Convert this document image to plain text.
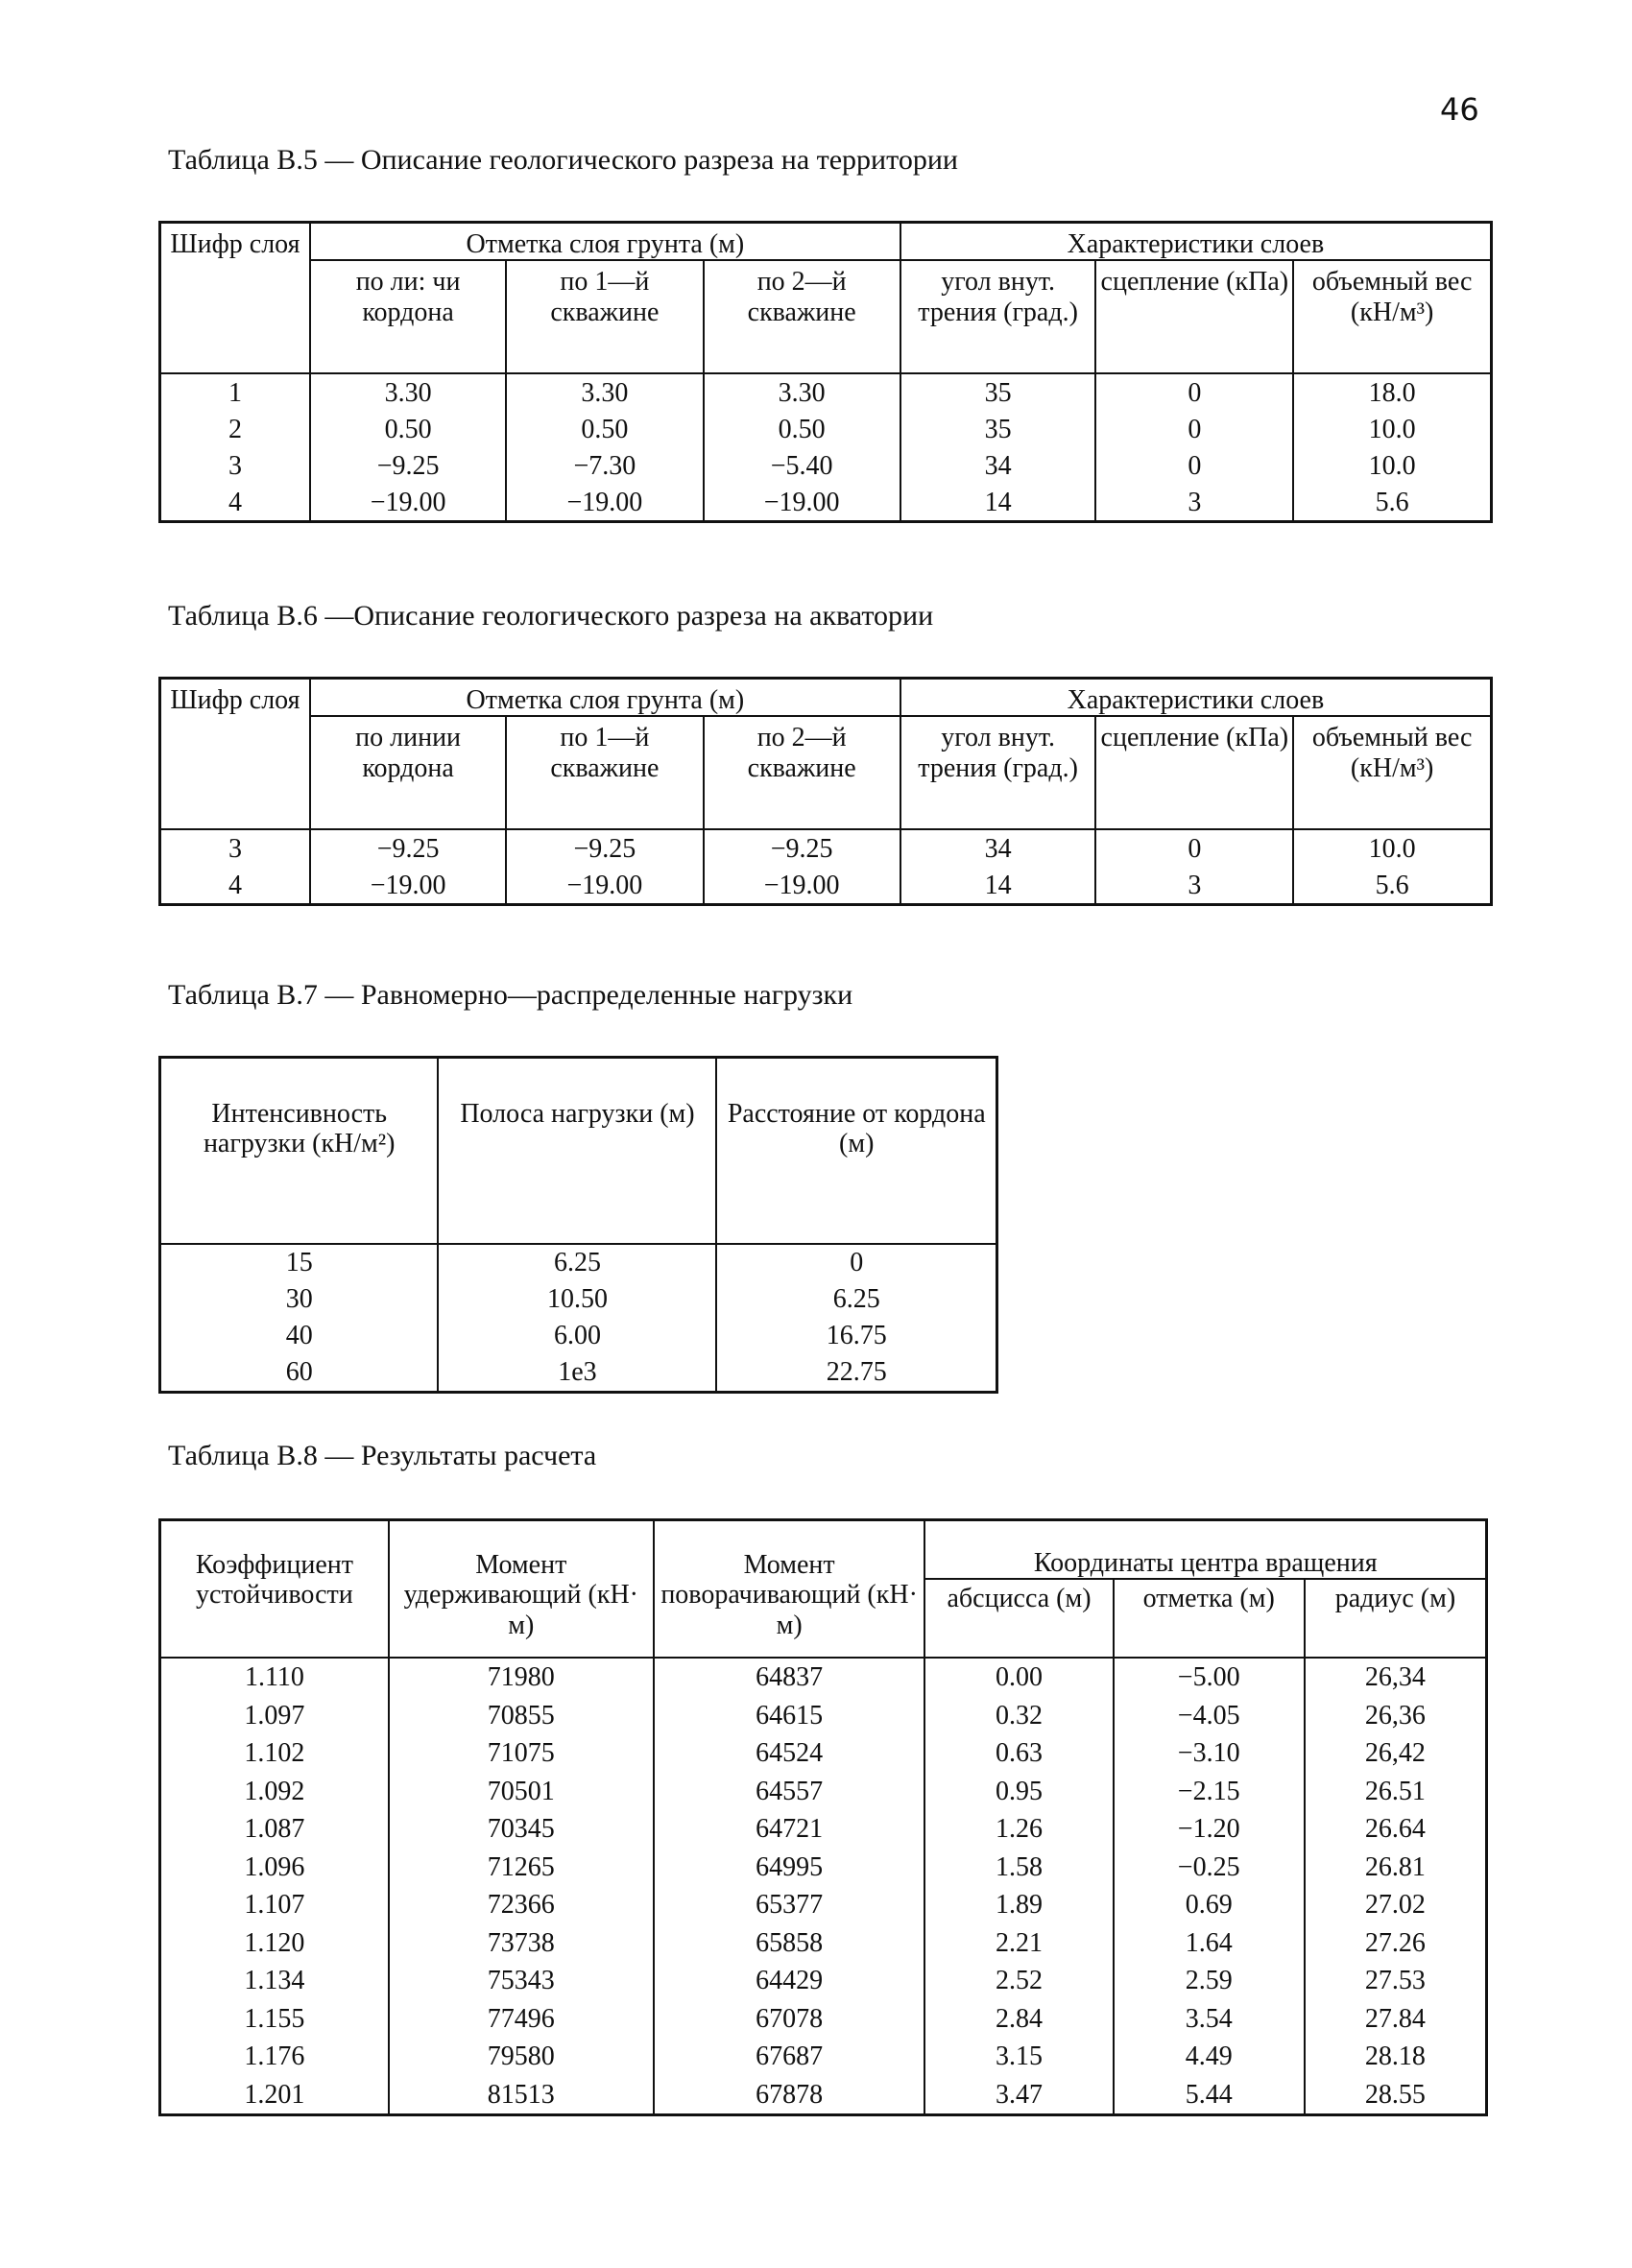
46
Таблица В.5 — Описание геологического разреза на территории
Шифр слоя	Отметка слоя грунта (м)			Характеристики слоев		
	по ли: чи кордона	по 1—й скважине	по 2—й скважине	угол внут. трения (град.)	сцепление (кПа)	объемный вес (кН/м³)
1	3.30	3.30	3.30	35	0	18.0
2	0.50	0.50	0.50	35	0	10.0
3	−9.25	−7.30	−5.40	34	0	10.0
4	−19.00	−19.00	−19.00	14	3	5.6
Таблица В.6 —Описание геологического разреза на акватории
Шифр слоя	Отметка слоя грунта (м)			Характеристики слоев		
	по линии кордона	по 1—й скважине	по 2—й скважине	угол внут. трения (град.)	сцепление (кПа)	объемный вес (кН/м³)
3	−9.25	−9.25	−9.25	34	0	10.0
4	−19.00	−19.00	−19.00	14	3	5.6
Таблица В.7 — Равномерно—распределенные нагрузки
Интенсивность нагрузки (кН/м²)	Полоса нагрузки (м)	Расстояние от кордона (м)
15	6.25	0
30	10.50	6.25
40	6.00	16.75
60	1e3	22.75
Таблица В.8 — Результаты расчета
Коэффициент устойчивости	Момент удерживающий (кН· м)	Момент поворачивающий (кН· м)	Координаты центра вращения		
			абсцисса (м)	отметка (м)	радиус (м)
1.110	71980	64837	0.00	−5.00	26,34
1.097	70855	64615	0.32	−4.05	26,36
1.102	71075	64524	0.63	−3.10	26,42
1.092	70501	64557	0.95	−2.15	26.51
1.087	70345	64721	1.26	−1.20	26.64
1.096	71265	64995	1.58	−0.25	26.81
1.107	72366	65377	1.89	0.69	27.02
1.120	73738	65858	2.21	1.64	27.26
1.134	75343	64429	2.52	2.59	27.53
1.155	77496	67078	2.84	3.54	27.84
1.176	79580	67687	3.15	4.49	28.18
1.201	81513	67878	3.47	5.44	28.55
